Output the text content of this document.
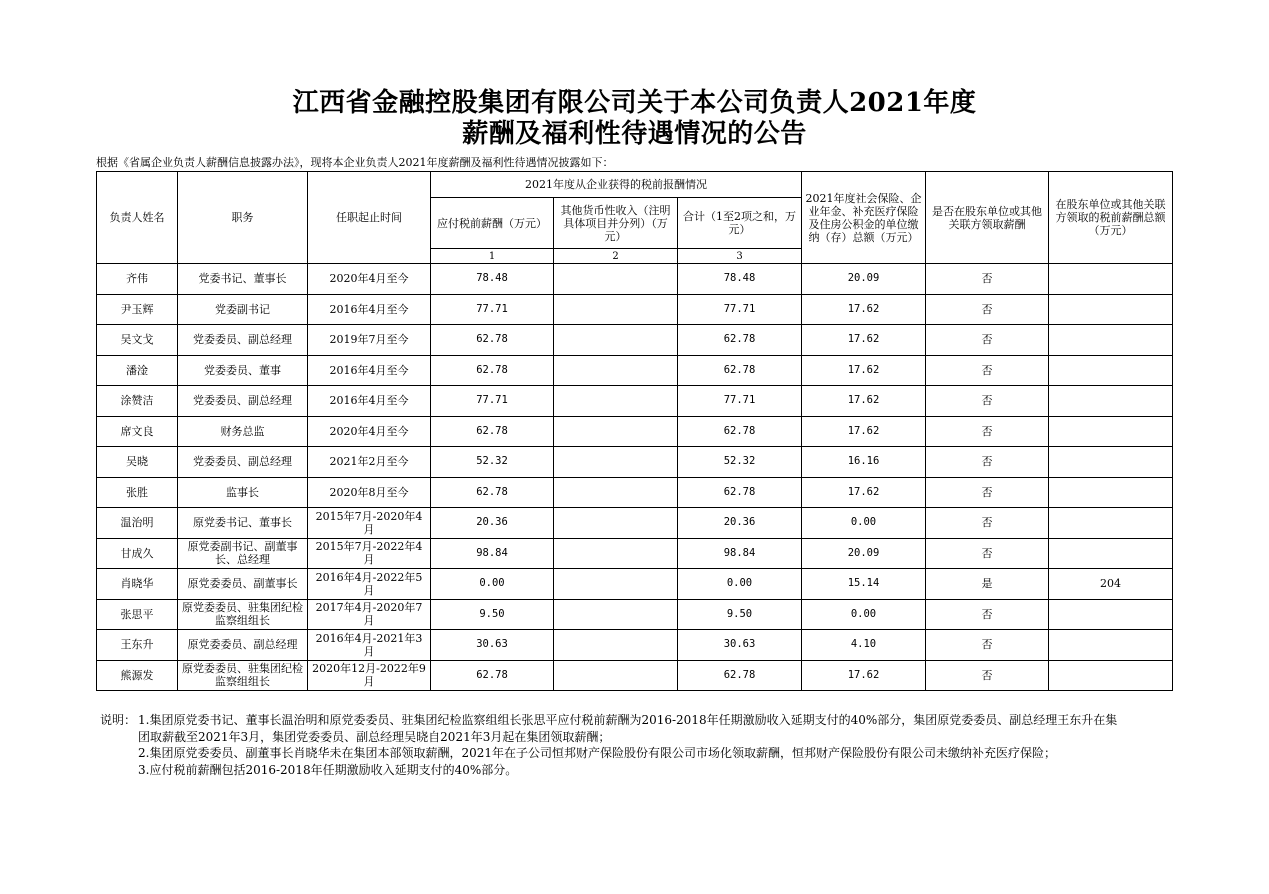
江西省金融控股集团有限公司关于本公司负责人2021年度
薪酬及福利性待遇情况的公告
根据《省属企业负责人薪酬信息披露办法》，现将本企业负责人2021年度薪酬及福利性待遇情况披露如下：
负责人姓名	职务	任职起止时间	2021年度从企业获得的税前报酬情况			2021年度社会保险、企业年金、补充医疗保险及住房公积金的单位缴纳（存）总额（万元）	是否在股东单位或其他关联方领取薪酬	在股东单位或其他关联方领取的税前薪酬总额（万元）
			应付税前薪酬（万元）	其他货币性收入（注明具体项目并分列）（万元）	合计（1至2项之和，万元）			
			1	2	3			
齐伟	党委书记、董事长	2020年4月至今	78.48		78.48	20.09	否	
尹玉辉	党委副书记	2016年4月至今	77.71		77.71	17.62	否	
吴文戈	党委委员、副总经理	2019年7月至今	62.78		62.78	17.62	否	
潘淦	党委委员、董事	2016年4月至今	62.78		62.78	17.62	否	
涂赞洁	党委委员、副总经理	2016年4月至今	77.71		77.71	17.62	否	
席文良	财务总监	2020年4月至今	62.78		62.78	17.62	否	
吴晓	党委委员、副总经理	2021年2月至今	52.32		52.32	16.16	否	
张胜	监事长	2020年8月至今	62.78		62.78	17.62	否	
温治明	原党委书记、董事长	2015年7月-2020年4月	20.36		20.36	0.00	否	
甘成久	原党委副书记、副董事长、总经理	2015年7月-2022年4月	98.84		98.84	20.09	否	
肖晓华	原党委委员、副董事长	2016年4月-2022年5月	0.00		0.00	15.14	是	204
张思平	原党委委员、驻集团纪检监察组组长	2017年4月-2020年7月	9.50		9.50	0.00	否	
王东升	原党委委员、副总经理	2016年4月-2021年3月	30.63		30.63	4.10	否	
熊源发	原党委委员、驻集团纪检监察组组长	2020年12月-2022年9月	62.78		62.78	17.62	否	
说明： 1.集团原党委书记、董事长温治明和原党委委员、驻集团纪检监察组组长张思平应付税前薪酬为2016-2018年任期激励收入延期支付的40%部分，集团原党委委员、副总经理王东升在集团取薪截至2021年3月，集团党委委员、副总经理吴晓自2021年3月起在集团领取薪酬；
2.集团原党委委员、副董事长肖晓华未在集团本部领取薪酬，2021年在子公司恒邦财产保险股份有限公司市场化领取薪酬，恒邦财产保险股份有限公司未缴纳补充医疗保险；
3.应付税前薪酬包括2016-2018年任期激励收入延期支付的40%部分。
